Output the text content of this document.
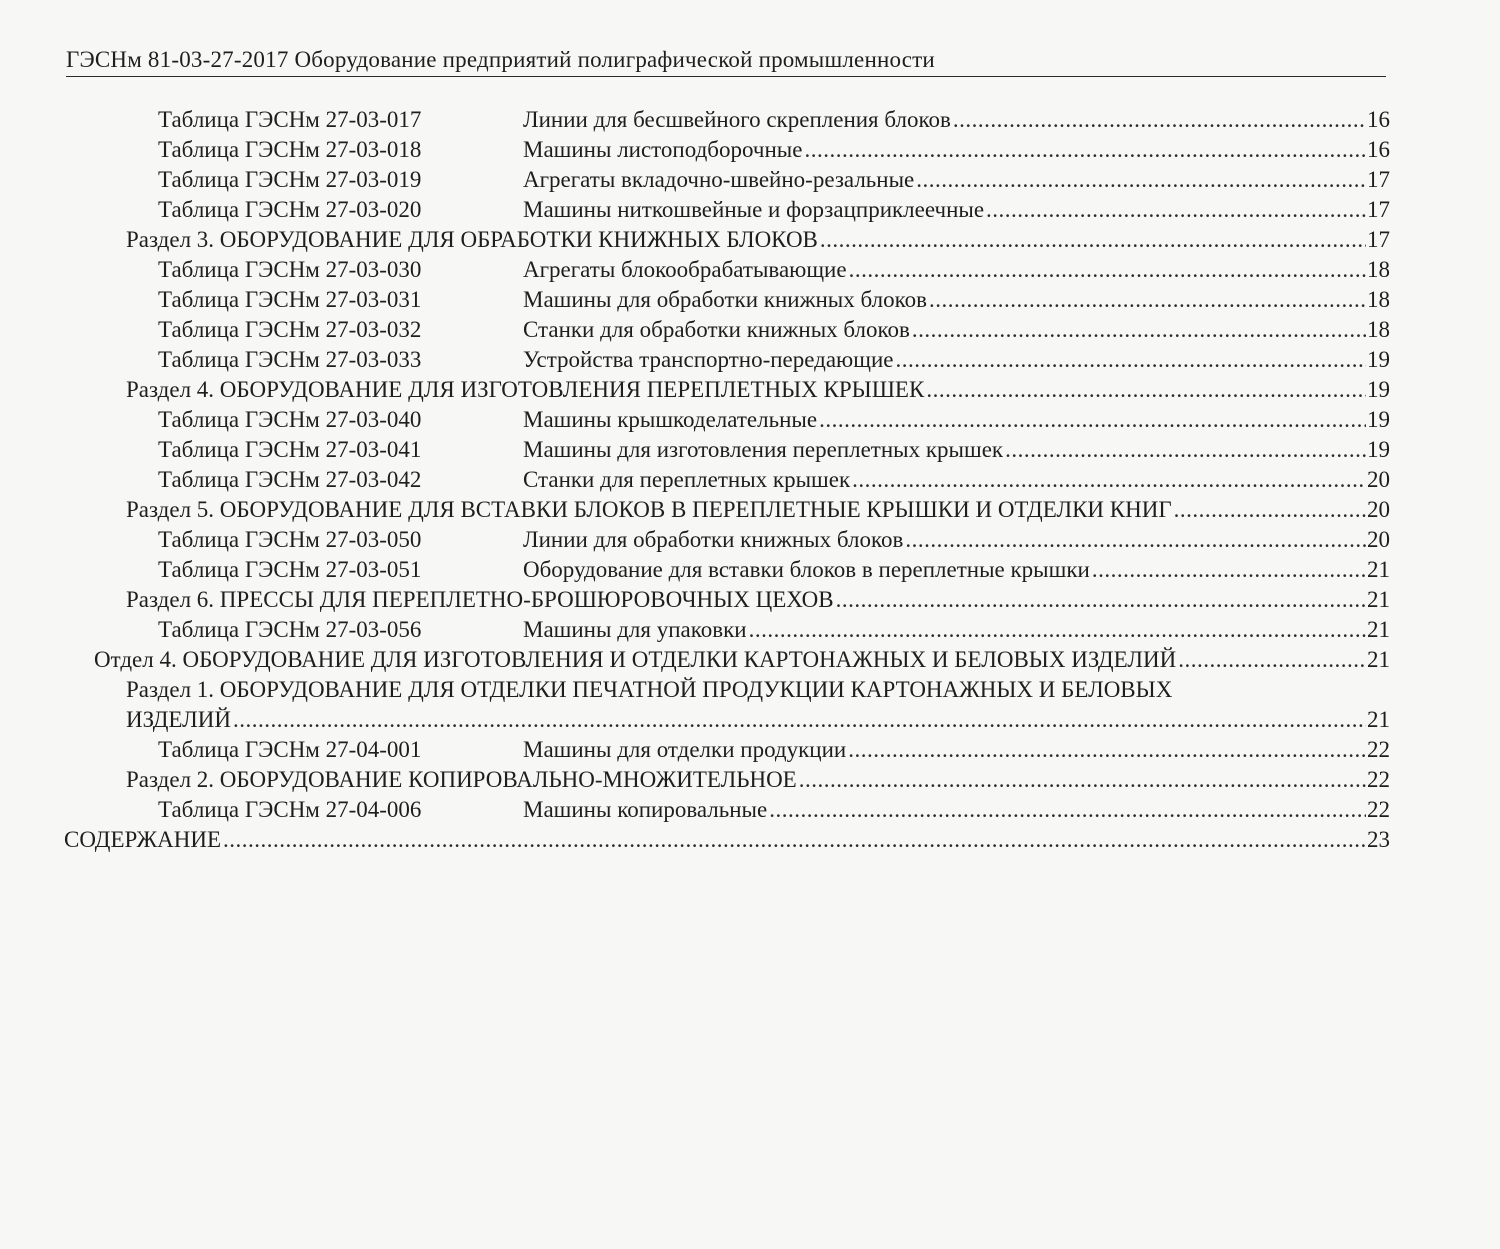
ГЭСНм 81-03-27-2017 Оборудование предприятий полиграфической промышленности
Таблица ГЭСНм 27-03-017	Линии для бесшвейного скрепления блоков .....	16
Таблица ГЭСНм 27-03-018	Машины листоподборочные .....	16
Таблица ГЭСНм 27-03-019	Агрегаты вкладочно-швейно-резальные .....	17
Таблица ГЭСНм 27-03-020	Машины ниткошвейные и форзацприклеечные .....	17
Раздел 3. ОБОРУДОВАНИЕ ДЛЯ ОБРАБОТКИ КНИЖНЫХ БЛОКОВ .....	17
Таблица ГЭСНм 27-03-030	Агрегаты блокообрабатывающие .....	18
Таблица ГЭСНм 27-03-031	Машины для обработки книжных блоков .....	18
Таблица ГЭСНм 27-03-032	Станки для обработки книжных блоков .....	18
Таблица ГЭСНм 27-03-033	Устройства транспортно-передающие .....	19
Раздел 4. ОБОРУДОВАНИЕ ДЛЯ ИЗГОТОВЛЕНИЯ ПЕРЕПЛЕТНЫХ КРЫШЕК .....	19
Таблица ГЭСНм 27-03-040	Машины крышкоделательные .....	19
Таблица ГЭСНм 27-03-041	Машины для изготовления переплетных крышек .....	19
Таблица ГЭСНм 27-03-042	Станки для переплетных крышек .....	20
Раздел 5. ОБОРУДОВАНИЕ ДЛЯ ВСТАВКИ БЛОКОВ В ПЕРЕПЛЕТНЫЕ КРЫШКИ И ОТДЕЛКИ КНИГ .....	20
Таблица ГЭСНм 27-03-050	Линии для обработки книжных блоков .....	20
Таблица ГЭСНм 27-03-051	Оборудование для вставки блоков в переплетные крышки .....	21
Раздел 6. ПРЕССЫ ДЛЯ ПЕРЕПЛЕТНО-БРОШЮРОВОЧНЫХ ЦЕХОВ .....	21
Таблица ГЭСНм 27-03-056	Машины для упаковки .....	21
Отдел 4. ОБОРУДОВАНИЕ ДЛЯ ИЗГОТОВЛЕНИЯ И ОТДЕЛКИ КАРТОНАЖНЫХ И БЕЛОВЫХ ИЗДЕЛИЙ .....	21
Раздел 1. ОБОРУДОВАНИЕ ДЛЯ ОТДЕЛКИ ПЕЧАТНОЙ ПРОДУКЦИИ КАРТОНАЖНЫХ И БЕЛОВЫХ
ИЗДЕЛИЙ .....	21
Таблица ГЭСНм 27-04-001	Машины для отделки продукции .....	22
Раздел 2. ОБОРУДОВАНИЕ КОПИРОВАЛЬНО-МНОЖИТЕЛЬНОЕ .....	22
Таблица ГЭСНм 27-04-006	Машины копировальные .....	22
СОДЕРЖАНИЕ .....	23
